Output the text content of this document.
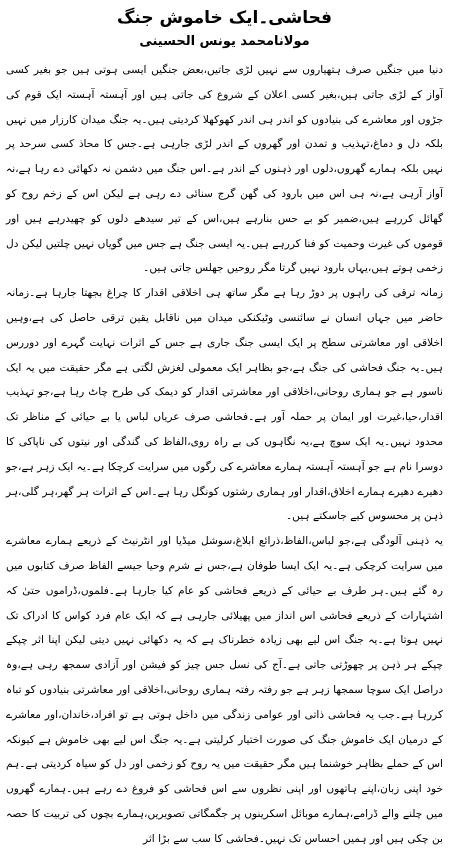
فحاشی۔ایک خاموش جنگ
مولانامحمد یونس الحسینی

دنیا میں جنگیں صرف ہتھیاروں سے نہیں لڑی جاتیں،بعض جنگیں ایسی ہوتی ہیں جو بغیر کسی آواز کے لڑی جاتی ہیں،بغیر کسی اعلان کے شروع کی جاتی ہیں اور آہستہ آہستہ ایک قوم کی جڑوں اور معاشرے کی بنیادوں کو اندر ہی اندر کھوکھلا کردیتی ہیں۔یہ جنگ میدان کارزار میں نہیں بلکہ دل و دماغ،تہذیب و تمدن اور گھروں کے اندر لڑی جارہی ہے۔جس کا محاذ کسی سرحد پر نہیں بلکہ ہمارے گھروں،دلوں اور ذہنوں کے اندر ہے۔اس جنگ میں دشمن نہ دکھائی دے رہا ہے،نہ آواز آرہی ہے،نہ ہی اس میں بارود کی گھن گرج سنائی دے رہی ہے لیکن اس کے زخم روح کو گھائل کررہے ہیں،ضمیر کو بے حس بنارہے ہیں،اس کے تیر سیدھے دلوں کو چھیدرہے ہیں اور قوموں کی غیرت وحمیت کو فنا کررہے ہیں۔یہ ایسی جنگ ہے جس میں گویاں نہیں چلتیں لیکن دل زخمی ہوتے ہیں،یہاں بارود نہیں گرتا مگر روحیں جھلس جاتی ہیں۔

زمانہ ترقی کی راہوں پر دوڑ رہا ہے مگر ساتھ ہی اخلاقی اقدار کا چراغ بجھتا جارہا ہے۔زمانہ حاضر میں جہاں انسان نے سائنسی وٹیکنکی میدان میں ناقابل یقین ترقی حاصل کی ہے،وہیں اخلاقی اور معاشرتی سطح پر ایک ایسی جنگ جاری ہے جس کے اثرات نہایت گہرے اور دوررس ہیں۔یہ جنگ فحاشی کی جنگ ہے،جو بظاہر ایک معمولی لغزش لگتی ہے مگر حقیقت میں یہ ایک ناسور ہے جو ہماری روحانی،اخلاقی اور معاشرتی اقدار کو دیمک کی طرح چاٹ رہا ہے،جو تہذیب اقدار،حیا،غیرت اور ایمان پر حملہ آور ہے۔فحاشی صرف عریاں لباس یا بے حیائی کے مناظر تک محدود نہیں۔یہ ایک سوچ ہے،یہ نگاہوں کی بے راہ روی،الفاظ کی گندگی اور نیتوں کی ناپاکی کا دوسرا نام ہے جو آہستہ آہستہ ہمارے معاشرے کی رگوں میں سرایت کرچکا ہے۔یہ ایک زہر ہے،جو دھیرے دھیرے ہمارے اخلاق،اقدار اور ہماری رشتوں کونگل رہا ہے۔اس کے اثرات ہر گھر،ہر گلی،ہر ذہن پر محسوس کیے جاسکتے ہیں۔

یہ ذہنی آلودگی ہے،جو لباس،الفاظ،ذرائع ابلاغ،سوشل میڈیا اور انٹرنیٹ کے ذریعے ہمارے معاشرے میں سرایت کرچکی ہے۔یہ ایک ایسا طوفان ہے،جس نے شرم وحیا جیسے الفاظ صرف کتابوں میں رہ گئے ہیں۔ہر طرف بے حیائی کے ذریعے فحاشی کو عام کیا جارہا ہے۔فلموں،ڈراموں حتیٰ کہ اشتہارات کے ذریعے فحاشی اس انداز میں پھیلائی جارہی ہے کہ ایک عام فرد کواس کا ادراک تک نہیں ہوتا ہے۔یہ جنگ اس لیے بھی زیادہ خطرناک ہے کہ یہ دکھائی نہیں دیتی لیکن اپنا اثر چپکے چپکے ہر ذہن پر چھوڑتی جاتی ہے۔آج کی نسل جس چیز کو فیشن اور آزادی سمجھ رہی ہے،وہ دراصل ایک سوچا سمجھا زہر ہے جو رفتہ رفتہ ہماری روحانی،اخلاقی اور معاشرتی بنیادوں کو تباہ کررہا ہے۔جب یہ فحاشی ذاتی اور عوامی زندگی میں داخل ہوتی ہے تو افراد،خاندان،اور معاشرے کے درمیان ایک خاموش جنگ کی صورت اختیار کرلیتی ہے۔یہ جنگ اس لیے بھی خاموش ہے کیونکہ اس کے حملے بظاہر خوشنما ہیں مگر حقیقت میں یہ روح کو زخمی اور دل کو سیاہ کردیتی ہے۔ہم خود اپنی زبان،اپنے ہاتھوں اور اپنی نظروں سے اس فحاشی کو فروغ دے رہے ہیں۔ہمارے گھروں میں چلنے والے ڈرامے،ہمارے موبائل اسکرینوں پر جگمگاتی تصویریں،ہمارے بچوں کی تربیت کا حصہ بن چکی ہیں اور ہمیں احساس تک نہیں۔فحاشی کا سب سے بڑا اثر
